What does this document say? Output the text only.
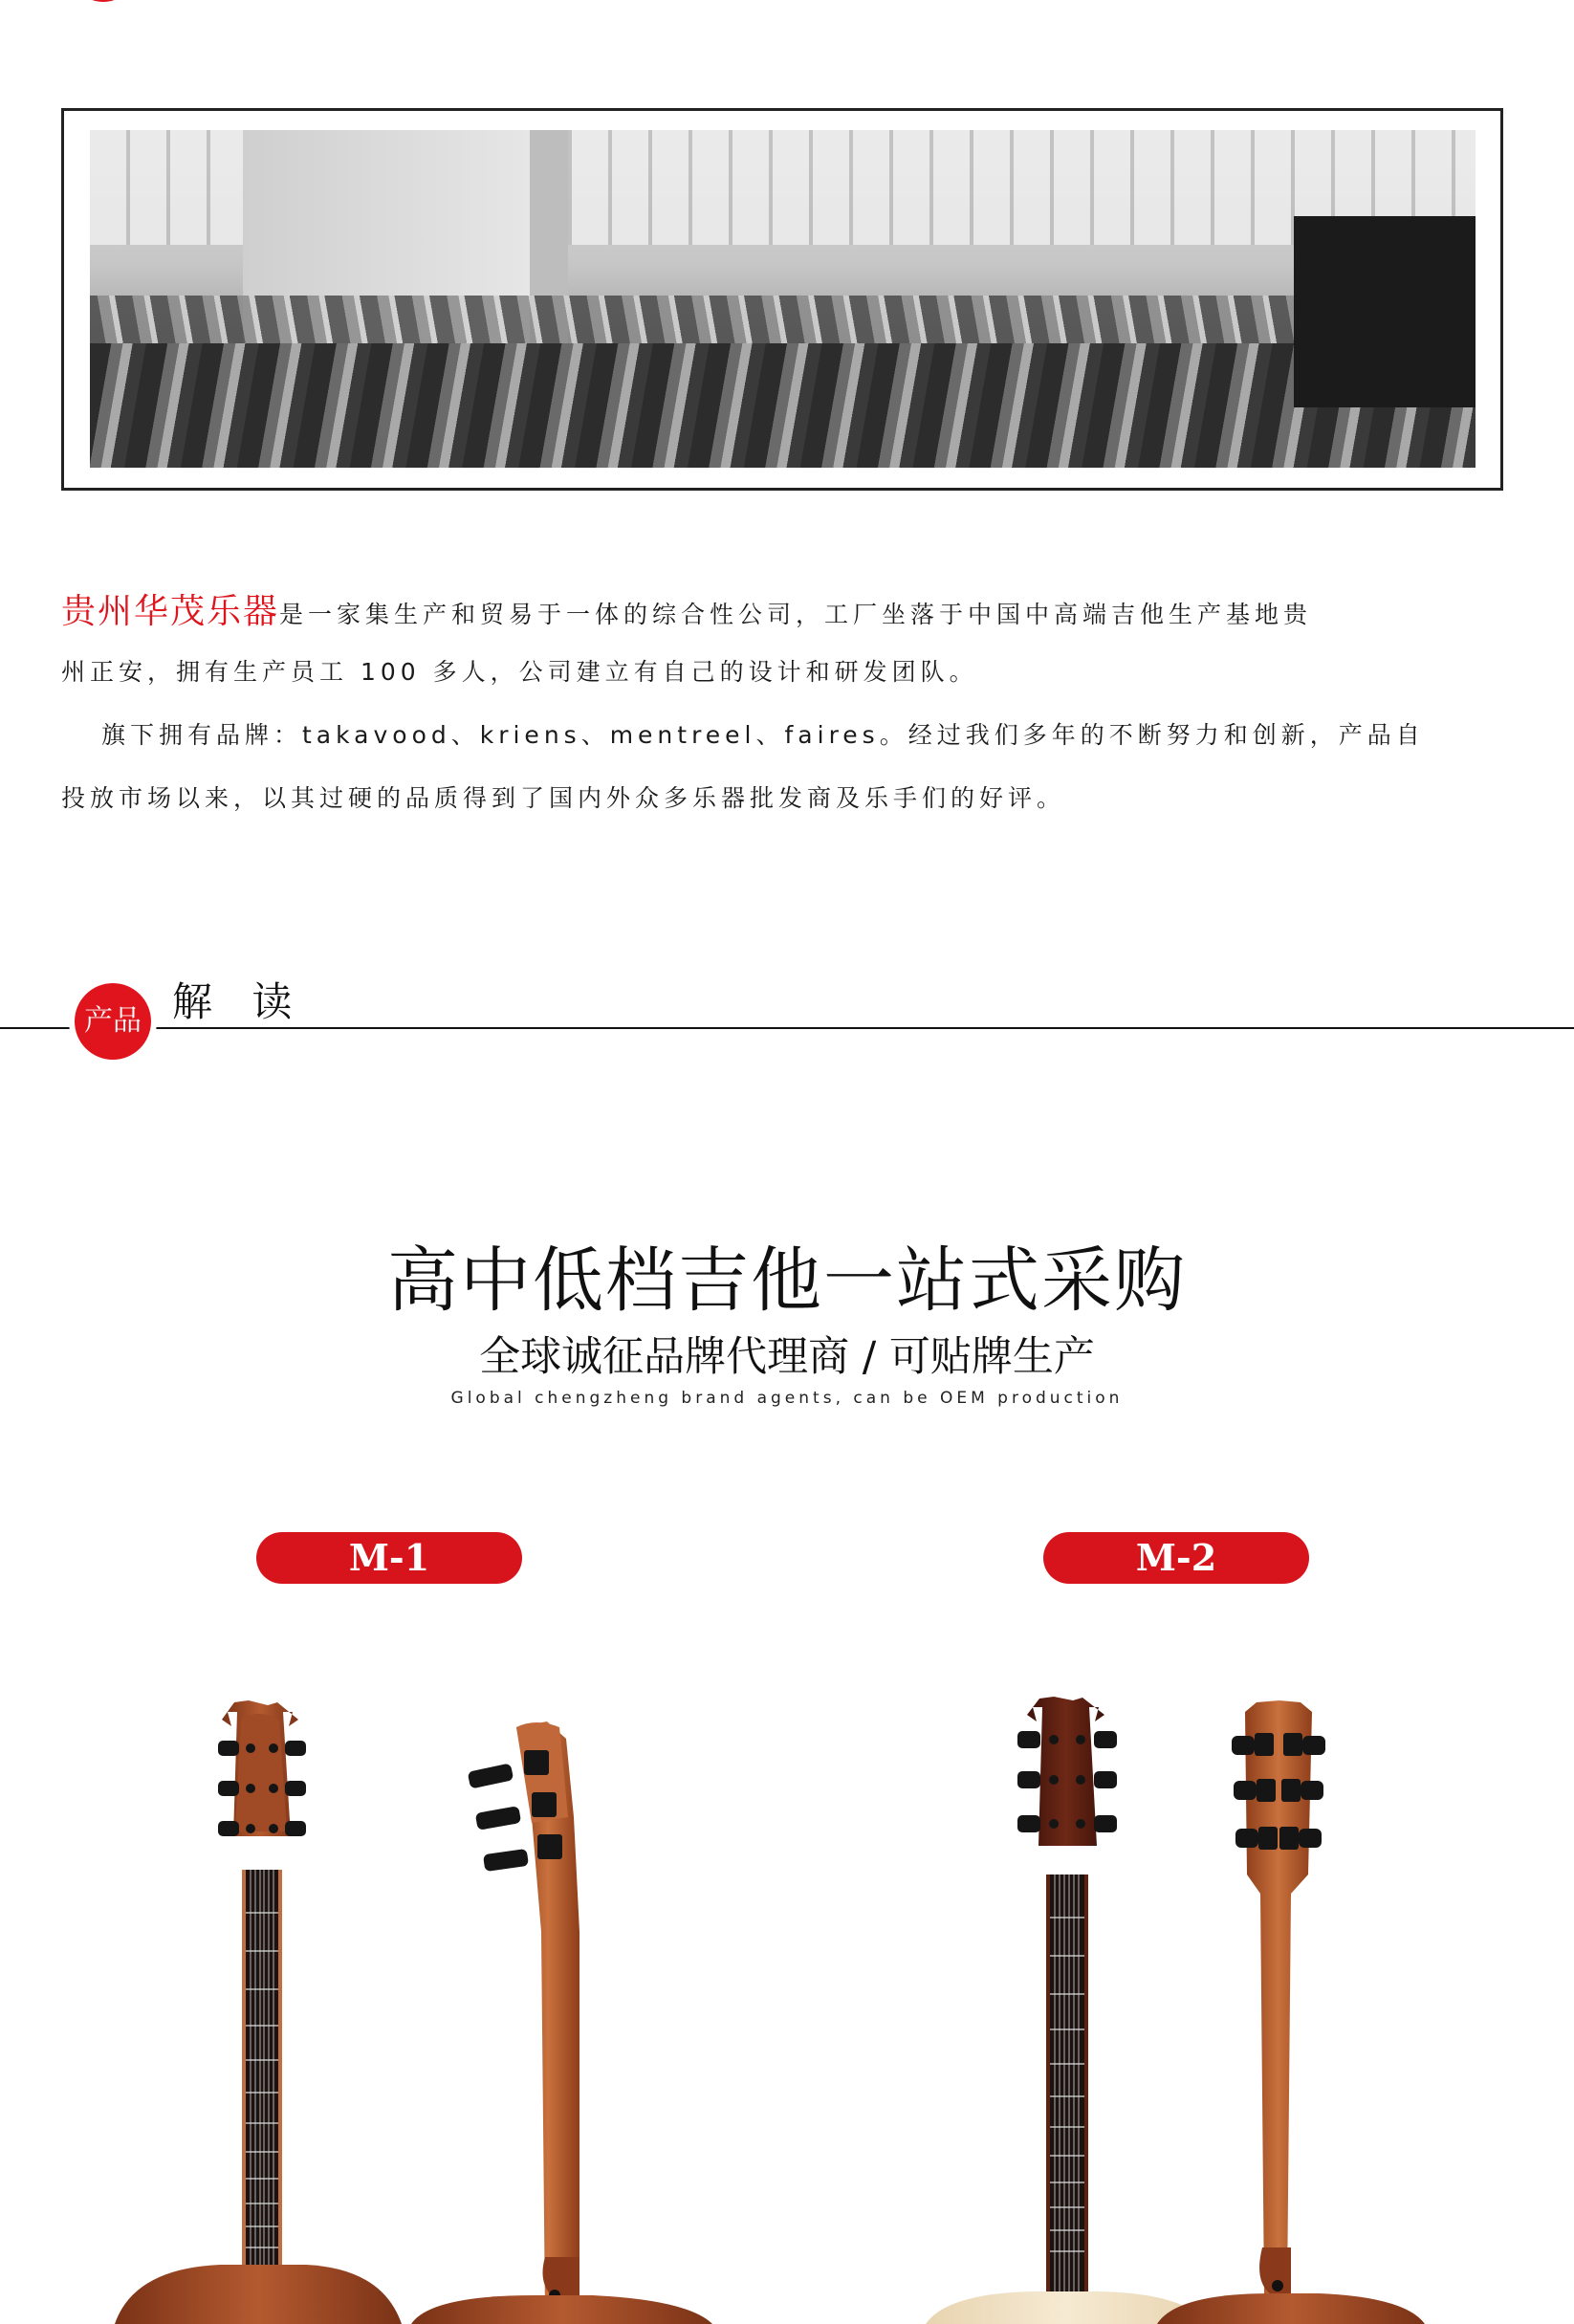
贵州华茂乐器是一家集生产和贸易于一体的综合性公司，工厂坐落于中国中高端吉他生产基地贵

州正安，拥有生产员工 100 多人，公司建立有自己的设计和研发团队。

旗下拥有品牌：takavood、kriens、mentreel、faires。经过我们多年的不断努力和创新，产品自

投放市场以来，以其过硬的品质得到了国内外众多乐器批发商及乐手们的好评。

产品 解 读
高中低档吉他一站式采购
全球诚征品牌代理商 / 可贴牌生产
Global chengzheng brand agents, can be OEM production
M-1	M-2
